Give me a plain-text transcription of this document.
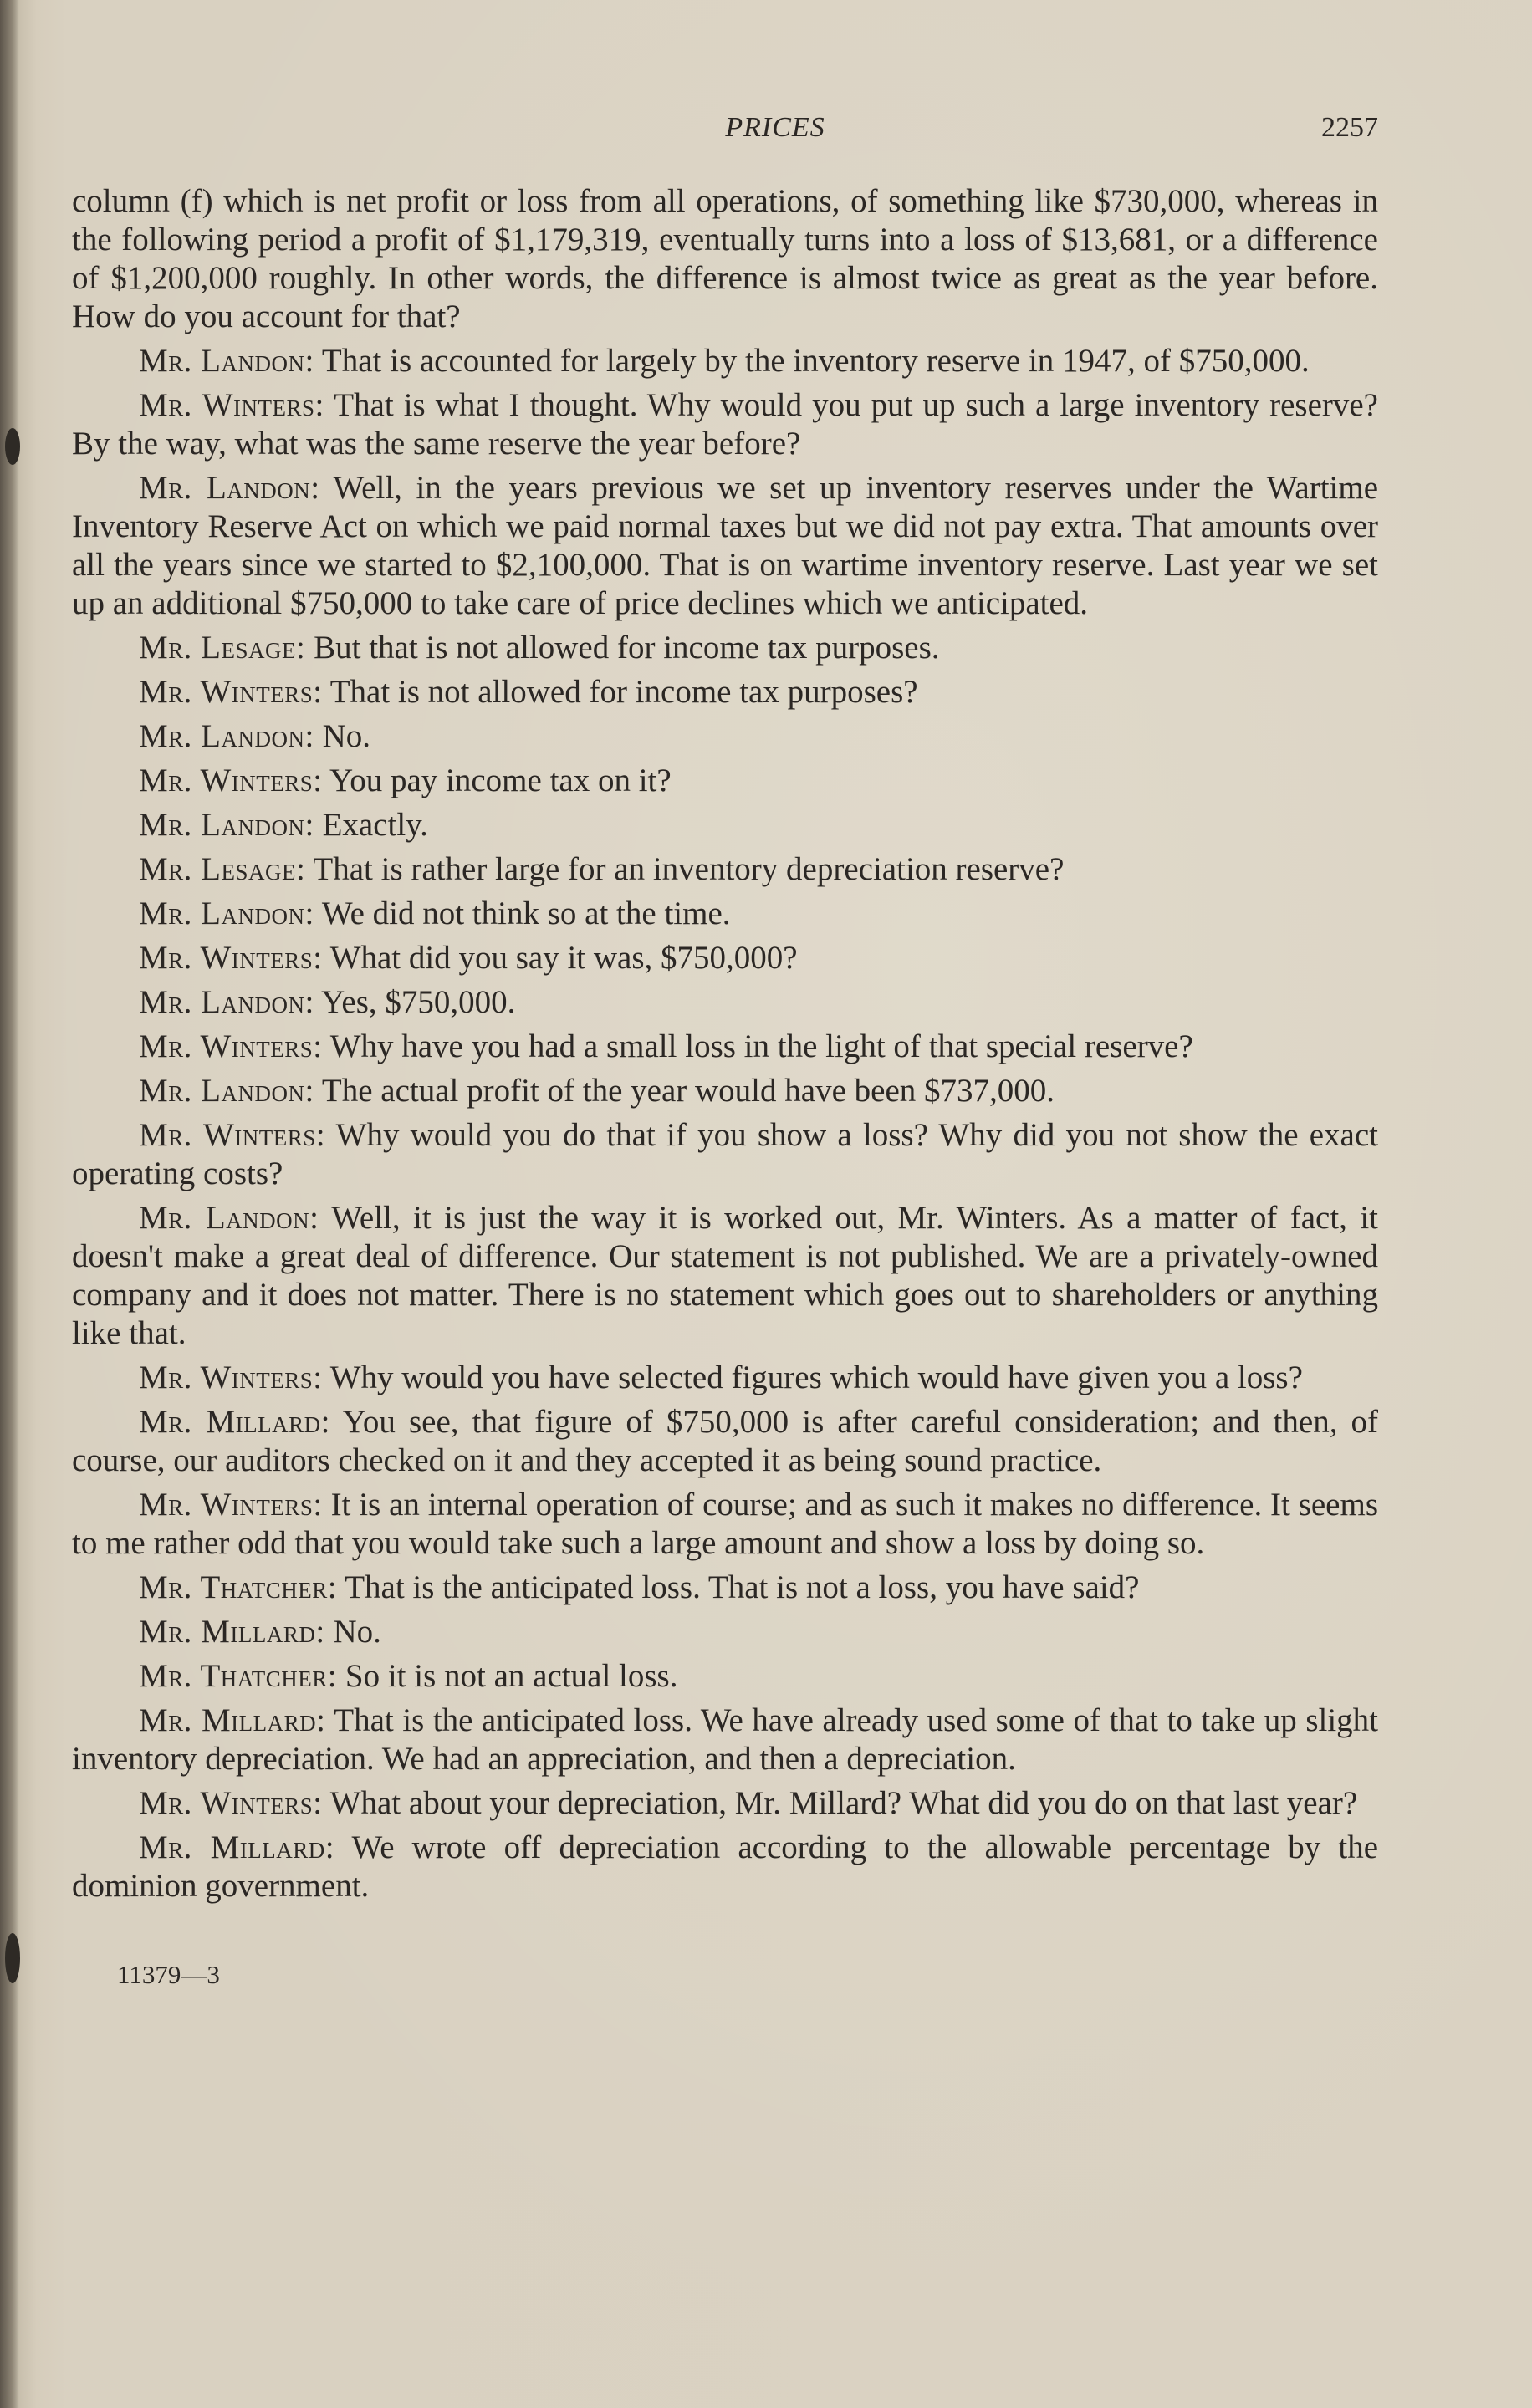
PRICES	2257

column (f) which is net profit or loss from all operations, of something like $730,000, whereas in the following period a profit of $1,179,319, eventually turns into a loss of $13,681, or a difference of $1,200,000 roughly. In other words, the difference is almost twice as great as the year before. How do you account for that?

Mr. Landon: That is accounted for largely by the inventory reserve in 1947, of $750,000.

Mr. Winters: That is what I thought. Why would you put up such a large inventory reserve? By the way, what was the same reserve the year before?

Mr. Landon: Well, in the years previous we set up inventory reserves under the Wartime Inventory Reserve Act on which we paid normal taxes but we did not pay extra. That amounts over all the years since we started to $2,100,000. That is on wartime inventory reserve. Last year we set up an additional $750,000 to take care of price declines which we anticipated.

Mr. Lesage: But that is not allowed for income tax purposes.

Mr. Winters: That is not allowed for income tax purposes?

Mr. Landon: No.

Mr. Winters: You pay income tax on it?

Mr. Landon: Exactly.

Mr. Lesage: That is rather large for an inventory depreciation reserve?

Mr. Landon: We did not think so at the time.

Mr. Winters: What did you say it was, $750,000?

Mr. Landon: Yes, $750,000.

Mr. Winters: Why have you had a small loss in the light of that special reserve?

Mr. Landon: The actual profit of the year would have been $737,000.

Mr. Winters: Why would you do that if you show a loss? Why did you not show the exact operating costs?

Mr. Landon: Well, it is just the way it is worked out, Mr. Winters. As a matter of fact, it doesn't make a great deal of difference. Our statement is not published. We are a privately-owned company and it does not matter. There is no statement which goes out to shareholders or anything like that.

Mr. Winters: Why would you have selected figures which would have given you a loss?

Mr. Millard: You see, that figure of $750,000 is after careful consideration; and then, of course, our auditors checked on it and they accepted it as being sound practice.

Mr. Winters: It is an internal operation of course; and as such it makes no difference. It seems to me rather odd that you would take such a large amount and show a loss by doing so.

Mr. Thatcher: That is the anticipated loss. That is not a loss, you have said?

Mr. Millard: No.

Mr. Thatcher: So it is not an actual loss.

Mr. Millard: That is the anticipated loss. We have already used some of that to take up slight inventory depreciation. We had an appreciation, and then a depreciation.

Mr. Winters: What about your depreciation, Mr. Millard? What did you do on that last year?

Mr. Millard: We wrote off depreciation according to the allowable percentage by the dominion government.

11379—3
